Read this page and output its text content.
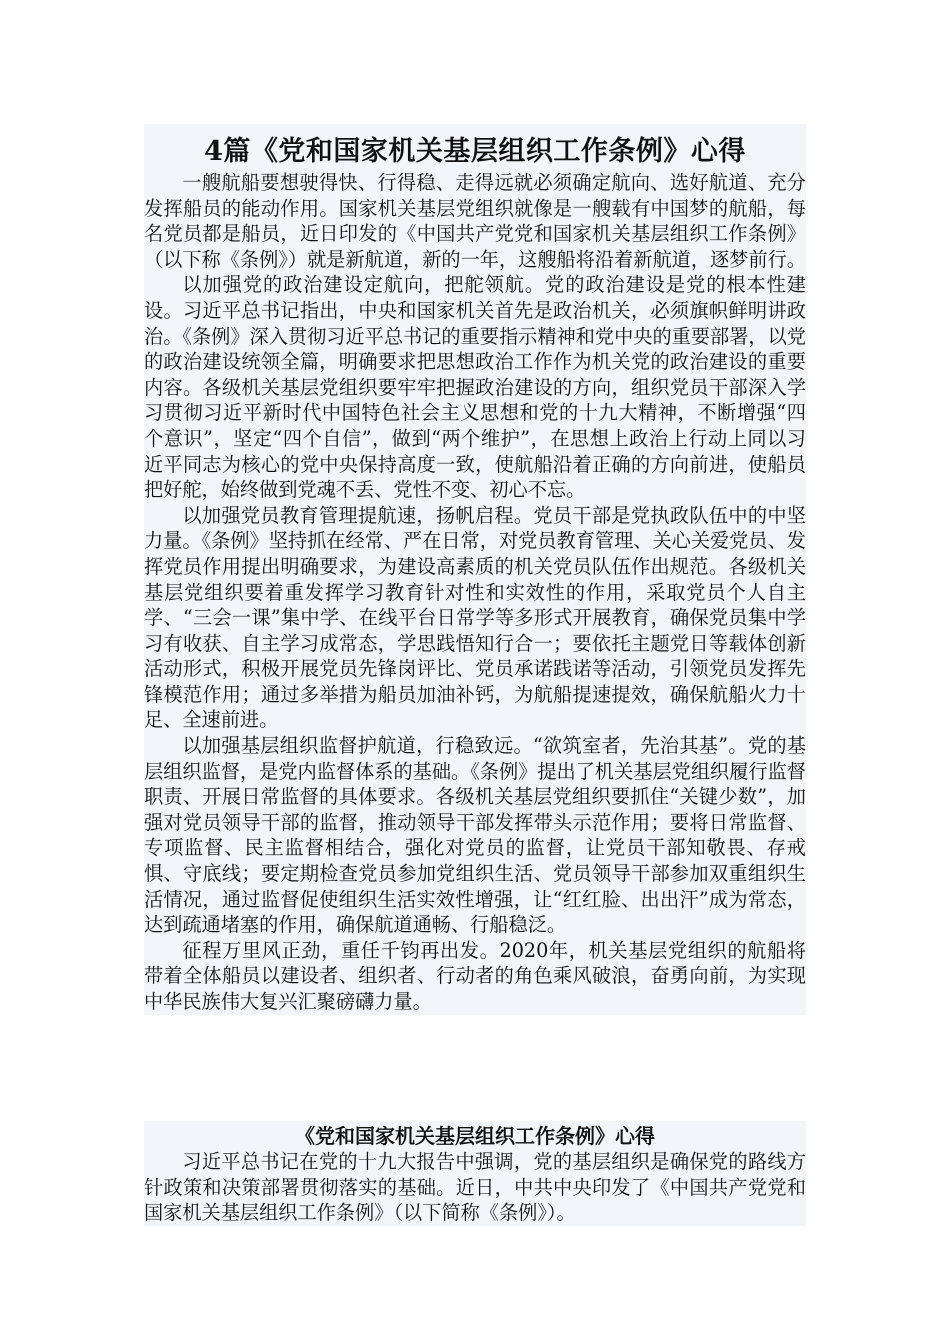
4篇《党和国家机关基层组织工作条例》心得

一艘航船要想驶得快、行得稳、走得远就必须确定航向、选好航道、充分发挥船员的能动作用。国家机关基层党组织就像是一艘载有中国梦的航船，每名党员都是船员，近日印发的《中国共产党党和国家机关基层组织工作条例》（以下称《条例》）就是新航道，新的一年，这艘船将沿着新航道，逐梦前行。

以加强党的政治建设定航向，把舵领航。党的政治建设是党的根本性建设。习近平总书记指出，中央和国家机关首先是政治机关，必须旗帜鲜明讲政治。《条例》深入贯彻习近平总书记的重要指示精神和党中央的重要部署，以党的政治建设统领全篇，明确要求把思想政治工作作为机关党的政治建设的重要内容。各级机关基层党组织要牢牢把握政治建设的方向，组织党员干部深入学习贯彻习近平新时代中国特色社会主义思想和党的十九大精神，不断增强“四个意识”，坚定“四个自信”，做到“两个维护”，在思想上政治上行动上同以习近平同志为核心的党中央保持高度一致，使航船沿着正确的方向前进，使船员把好舵，始终做到党魂不丢、党性不变、初心不忘。

以加强党员教育管理提航速，扬帆启程。党员干部是党执政队伍中的中坚力量。《条例》坚持抓在经常、严在日常，对党员教育管理、关心关爱党员、发挥党员作用提出明确要求，为建设高素质的机关党员队伍作出规范。各级机关基层党组织要着重发挥学习教育针对性和实效性的作用，采取党员个人自主学、“三会一课”集中学、在线平台日常学等多形式开展教育，确保党员集中学习有收获、自主学习成常态，学思践悟知行合一；要依托主题党日等载体创新活动形式，积极开展党员先锋岗评比、党员承诺践诺等活动，引领党员发挥先锋模范作用；通过多举措为船员加油补钙，为航船提速提效，确保航船火力十足、全速前进。

以加强基层组织监督护航道，行稳致远。“欲筑室者，先治其基”。党的基层组织监督，是党内监督体系的基础。《条例》提出了机关基层党组织履行监督职责、开展日常监督的具体要求。各级机关基层党组织要抓住“关键少数”，加强对党员领导干部的监督，推动领导干部发挥带头示范作用；要将日常监督、专项监督、民主监督相结合，强化对党员的监督，让党员干部知敬畏、存戒惧、守底线；要定期检查党员参加党组织生活、党员领导干部参加双重组织生活情况，通过监督促使组织生活实效性增强，让“红红脸、出出汗”成为常态，达到疏通堵塞的作用，确保航道通畅、行船稳泛。

征程万里风正劲，重任千钧再出发。2020年，机关基层党组织的航船将带着全体船员以建设者、组织者、行动者的角色乘风破浪，奋勇向前，为实现中华民族伟大复兴汇聚磅礴力量。

《党和国家机关基层组织工作条例》心得

习近平总书记在党的十九大报告中强调，党的基层组织是确保党的路线方针政策和决策部署贯彻落实的基础。近日，中共中央印发了《中国共产党党和国家机关基层组织工作条例》（以下简称《条例》）。
